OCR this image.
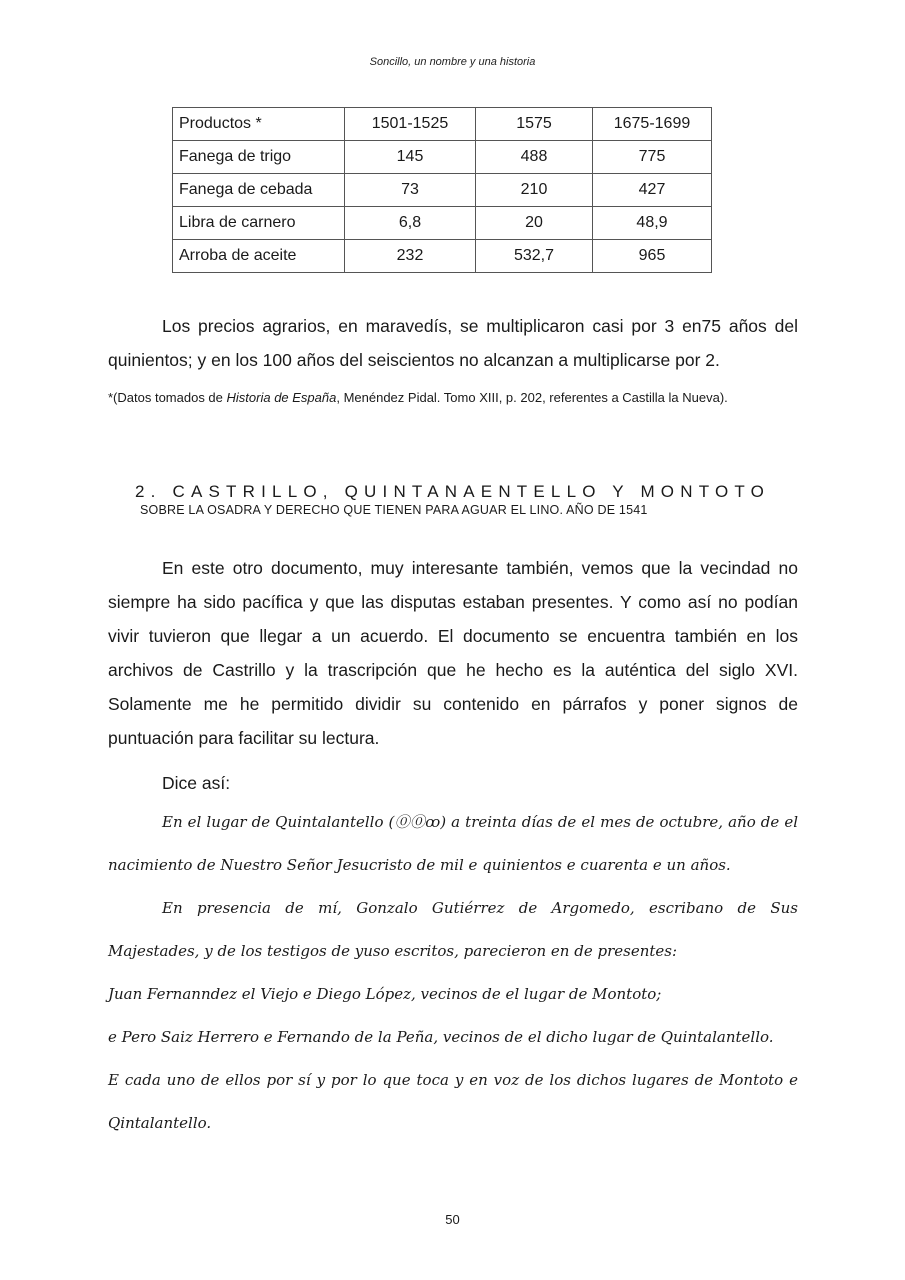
Soncillo, un nombre y una historia
Productos *	1501-1525	1575	1675-1699
Fanega de trigo	145	488	775
Fanega de cebada	73	210	427
Libra de carnero	6,8	20	48,9
Arroba de aceite	232	532,7	965

Los precios agrarios, en maravedís, se multiplicaron casi por 3 en75 años del quinientos; y en los 100 años del seiscientos no alcanzan a multiplicarse por 2.

*(Datos tomados de Historia de España, Menéndez Pidal. Tomo XIII, p. 202, referentes a Castilla la Nueva).

2. CASTRILLO, QUINTANAENTELLO Y MONTOTO
SOBRE LA OSADRA Y DERECHO QUE TIENEN PARA AGUAR EL LINO. AÑO DE 1541

En este otro documento, muy interesante también, vemos que la vecindad no siempre ha sido pacífica y que las disputas estaban presentes. Y como así no podían vivir tuvieron que llegar a un acuerdo. El documento se encuentra también en los archivos de Castrillo y la trascripción que he hecho es la auténtica del siglo XVI. Solamente me he permitido dividir su contenido en párrafos y poner signos de puntuación para facilitar su lectura.

Dice así:

En el lugar de Quintalantello (⓪⓪ꝏ) a treinta días de el mes de octubre, año de el nacimiento de Nuestro Señor Jesucristo de mil e quinientos e cuarenta e un años.

En presencia de mí, Gonzalo Gutiérrez de Argomedo, escribano de Sus Majestades, y de los testigos de yuso escritos, parecieron en de presentes:

Juan Fernanndez el Viejo e Diego López, vecinos de el lugar de Montoto;

e Pero Saiz Herrero e Fernando de la Peña, vecinos de el dicho lugar de Quintalantello.

E cada uno de ellos por sí y por lo que toca y en voz de los dichos lugares de Montoto e Qintalantello.

50
